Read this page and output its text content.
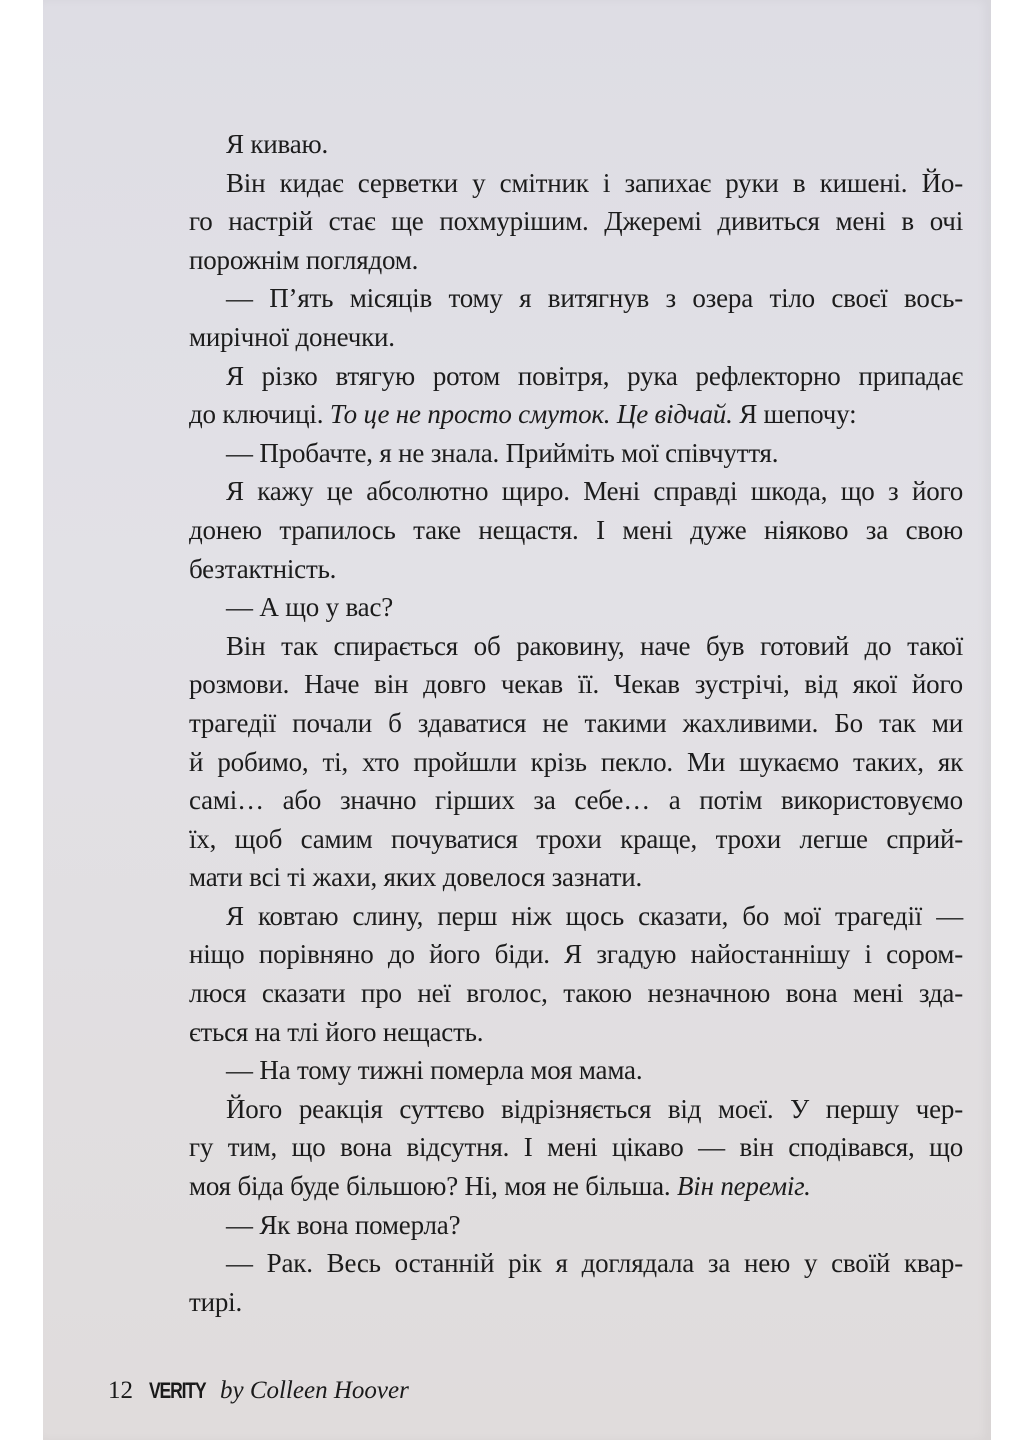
Я киваю.
Він кидає серветки у смітник і запихає руки в кишені. Йо-
го настрій стає ще похмурішим. Джеремі дивиться мені в очі
порожнім поглядом.
— П’ять місяців тому я витягнув з озера тіло своєї вось-
мирічної донечки.
Я різко втягую ротом повітря, рука рефлекторно припадає
до ключиці. То це не просто смуток. Це відчай. Я шепочу:
— Пробачте, я не знала. Прийміть мої співчуття.
Я кажу це абсолютно щиро. Мені справді шкода, що з його
донею трапилось таке нещастя. І мені дуже ніяково за свою
безтактність.
— А що у вас?
Він так спирається об раковину, наче був готовий до такої
розмови. Наче він довго чекав її. Чекав зустрічі, від якої його
трагедії почали б здаватися не такими жахливими. Бо так ми
й робимо, ті, хто пройшли крізь пекло. Ми шукаємо таких, як
самі… або значно гірших за себе… а потім використовуємо
їх, щоб самим почуватися трохи краще, трохи легше сприй-
мати всі ті жахи, яких довелося зазнати.
Я ковтаю слину, перш ніж щось сказати, бо мої трагедії —
ніщо порівняно до його біди. Я згадую найостаннішу і сором-
люся сказати про неї вголос, такою незначною вона мені зда-
ється на тлі його нещасть.
— На тому тижні померла моя мама.
Його реакція суттєво відрізняється від моєї. У першу чер-
гу тим, що вона відсутня. І мені цікаво — він сподівався, що
моя біда буде більшою? Ні, моя не більша. Він переміг.
— Як вона померла?
— Рак. Весь останній рік я доглядала за нею у своїй квар-
тирі.
12 VERITY by Colleen Hoover
